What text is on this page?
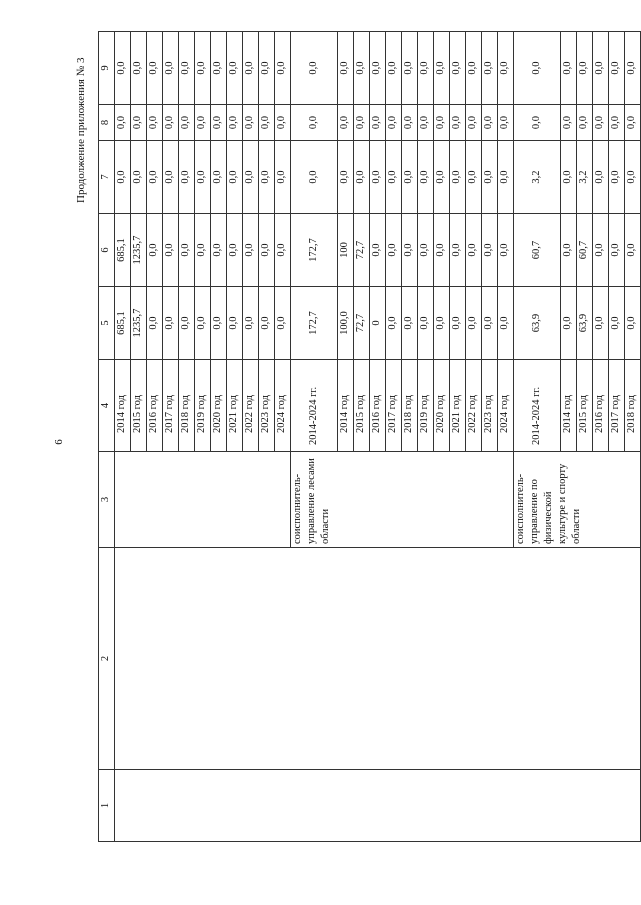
6
Продолжение приложения № 3
1	2	3	4	5	6	7	8	9
			2014 год	685,1	685,1	0,0	0,0	0,0
			2015 год	1235,7	1235,7	0,0	0,0	0,0
			2016 год	0,0	0,0	0,0	0,0	0,0
			2017 год	0,0	0,0	0,0	0,0	0,0
			2018 год	0,0	0,0	0,0	0,0	0,0
			2019 год	0,0	0,0	0,0	0,0	0,0
			2020 год	0,0	0,0	0,0	0,0	0,0
			2021 год	0,0	0,0	0,0	0,0	0,0
			2022 год	0,0	0,0	0,0	0,0	0,0
			2023 год	0,0	0,0	0,0	0,0	0,0
			2024 год	0,0	0,0	0,0	0,0	0,0
		соисполнитель- управление лесами области	2014-2024 гг.	172,7	172,7	0,0	0,0	0,0
			2014 год	100,0	100	0,0	0,0	0,0
			2015 год	72,7	72,7	0,0	0,0	0,0
			2016 год	0	0,0	0,0	0,0	0,0
			2017 год	0,0	0,0	0,0	0,0	0,0
			2018 год	0,0	0,0	0,0	0,0	0,0
			2019 год	0,0	0,0	0,0	0,0	0,0
			2020 год	0,0	0,0	0,0	0,0	0,0
			2021 год	0,0	0,0	0,0	0,0	0,0
			2022 год	0,0	0,0	0,0	0,0	0,0
			2023 год	0,0	0,0	0,0	0,0	0,0
			2024 год	0,0	0,0	0,0	0,0	0,0
		соисполнитель- управление по физической культуре и спорту области	2014-2024 гг.	63,9	60,7	3,2	0,0	0,0
			2014 год	0,0	0,0	0,0	0,0	0,0
			2015 год	63,9	60,7	3,2	0,0	0,0
			2016 год	0,0	0,0	0,0	0,0	0,0
			2017 год	0,0	0,0	0,0	0,0	0,0
			2018 год	0,0	0,0	0,0	0,0	0,0
